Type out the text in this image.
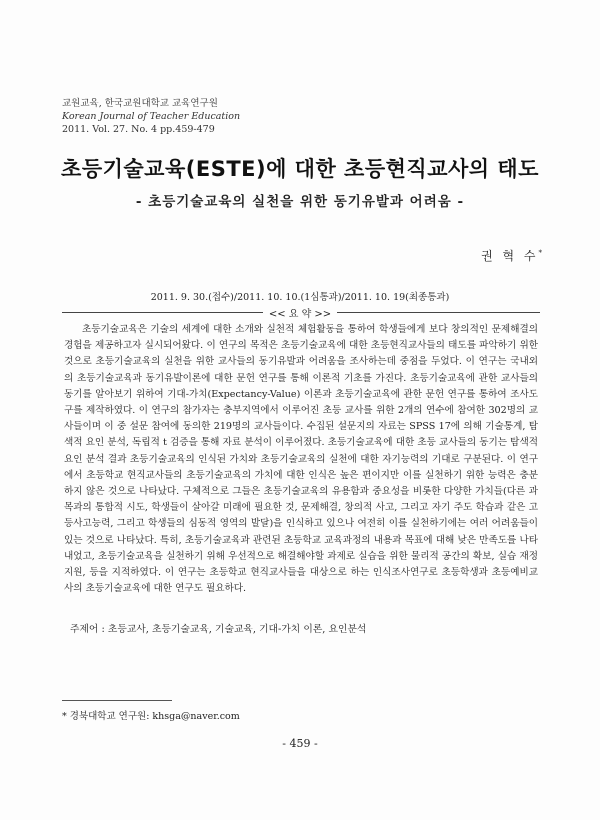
교원교육, 한국교원대학교 교육연구원
Korean Journal of Teacher Education
2011. Vol. 27. No. 4 pp.459-479
초등기술교육(ESTE)에 대한 초등현직교사의 태도
- 초등기술교육의 실천을 위한 동기유발과 어려움 -
권 혁 수*
2011. 9. 30.(접수)/2011. 10. 10.(1심통과)/2011. 10. 19(최종통과)
<< 요 약 >>

초등기술교육은 기술의 세계에 대한 소개와 실천적 체험활동을 통하여 학생들에게 보다 창의적인 문제해결의 경험을 제공하고자 실시되어왔다. 이 연구의 목적은 초등기술교육에 대한 초등현직교사들의 태도를 파악하기 위한 것으로 초등기술교육의 실천을 위한 교사들의 동기유발과 어려움을 조사하는데 중점을 두었다. 이 연구는 국내외의 초등기술교육과 동기유발이론에 대한 문헌 연구를 통해 이론적 기초를 가진다. 초등기술교육에 관한 교사들의 동기를 알아보기 위하여 기대-가치(Expectancy-Value) 이론과 초등기술교육에 관한 문헌 연구를 통하여 조사도구를 제작하였다. 이 연구의 참가자는 충부지역에서 이루어진 초등 교사를 위한 2개의 연수에 참여한 302명의 교사들이며 이 중 설문 참여에 동의한 219명의 교사들이다. 수집된 설문지의 자료는 SPSS 17에 의해 기술통계, 탐색적 요인 분석, 독립적 t 검증을 통해 자료 분석이 이루어졌다. 초등기술교육에 대한 초등 교사들의 동기는 탐색적 요인 분석 결과 초등기술교육의 인식된 가치와 초등기술교육의 실천에 대한 자기능력의 기대로 구분된다. 이 연구에서 초등학교 현직교사들의 초등기술교육의 가치에 대한 인식은 높은 편이지만 이를 실천하기 위한 능력은 충분하지 않은 것으로 나타났다. 구체적으로 그들은 초등기술교육의 유용함과 중요성을 비롯한 다양한 가치들(다른 과목과의 통합적 시도, 학생들이 살아갈 미래에 필요한 것, 문제해결, 창의적 사고, 그리고 자기 주도 학습과 같은 고등사고능력, 그리고 학생들의 심동적 영역의 발달)을 인식하고 있으나 여전히 이를 실천하기에는 여러 어려움들이 있는 것으로 나타났다. 특히, 초등기술교육과 관련된 초등학교 교육과정의 내용과 목표에 대해 낮은 만족도를 나타내었고, 초등기술교육을 실천하기 위해 우선적으로 해결해야할 과제로 실습을 위한 물리적 공간의 확보, 실습 재정 지원, 등을 지적하였다. 이 연구는 초등학교 현직교사들을 대상으로 하는 인식조사연구로 초등학생과 초등예비교사의 초등기술교육에 대한 연구도 필요하다.

주제어 : 초등교사, 초등기술교육, 기술교육, 기대-가치 이론, 요인분석
* 경북대학교 연구원: khsga@naver.com
- 459 -
